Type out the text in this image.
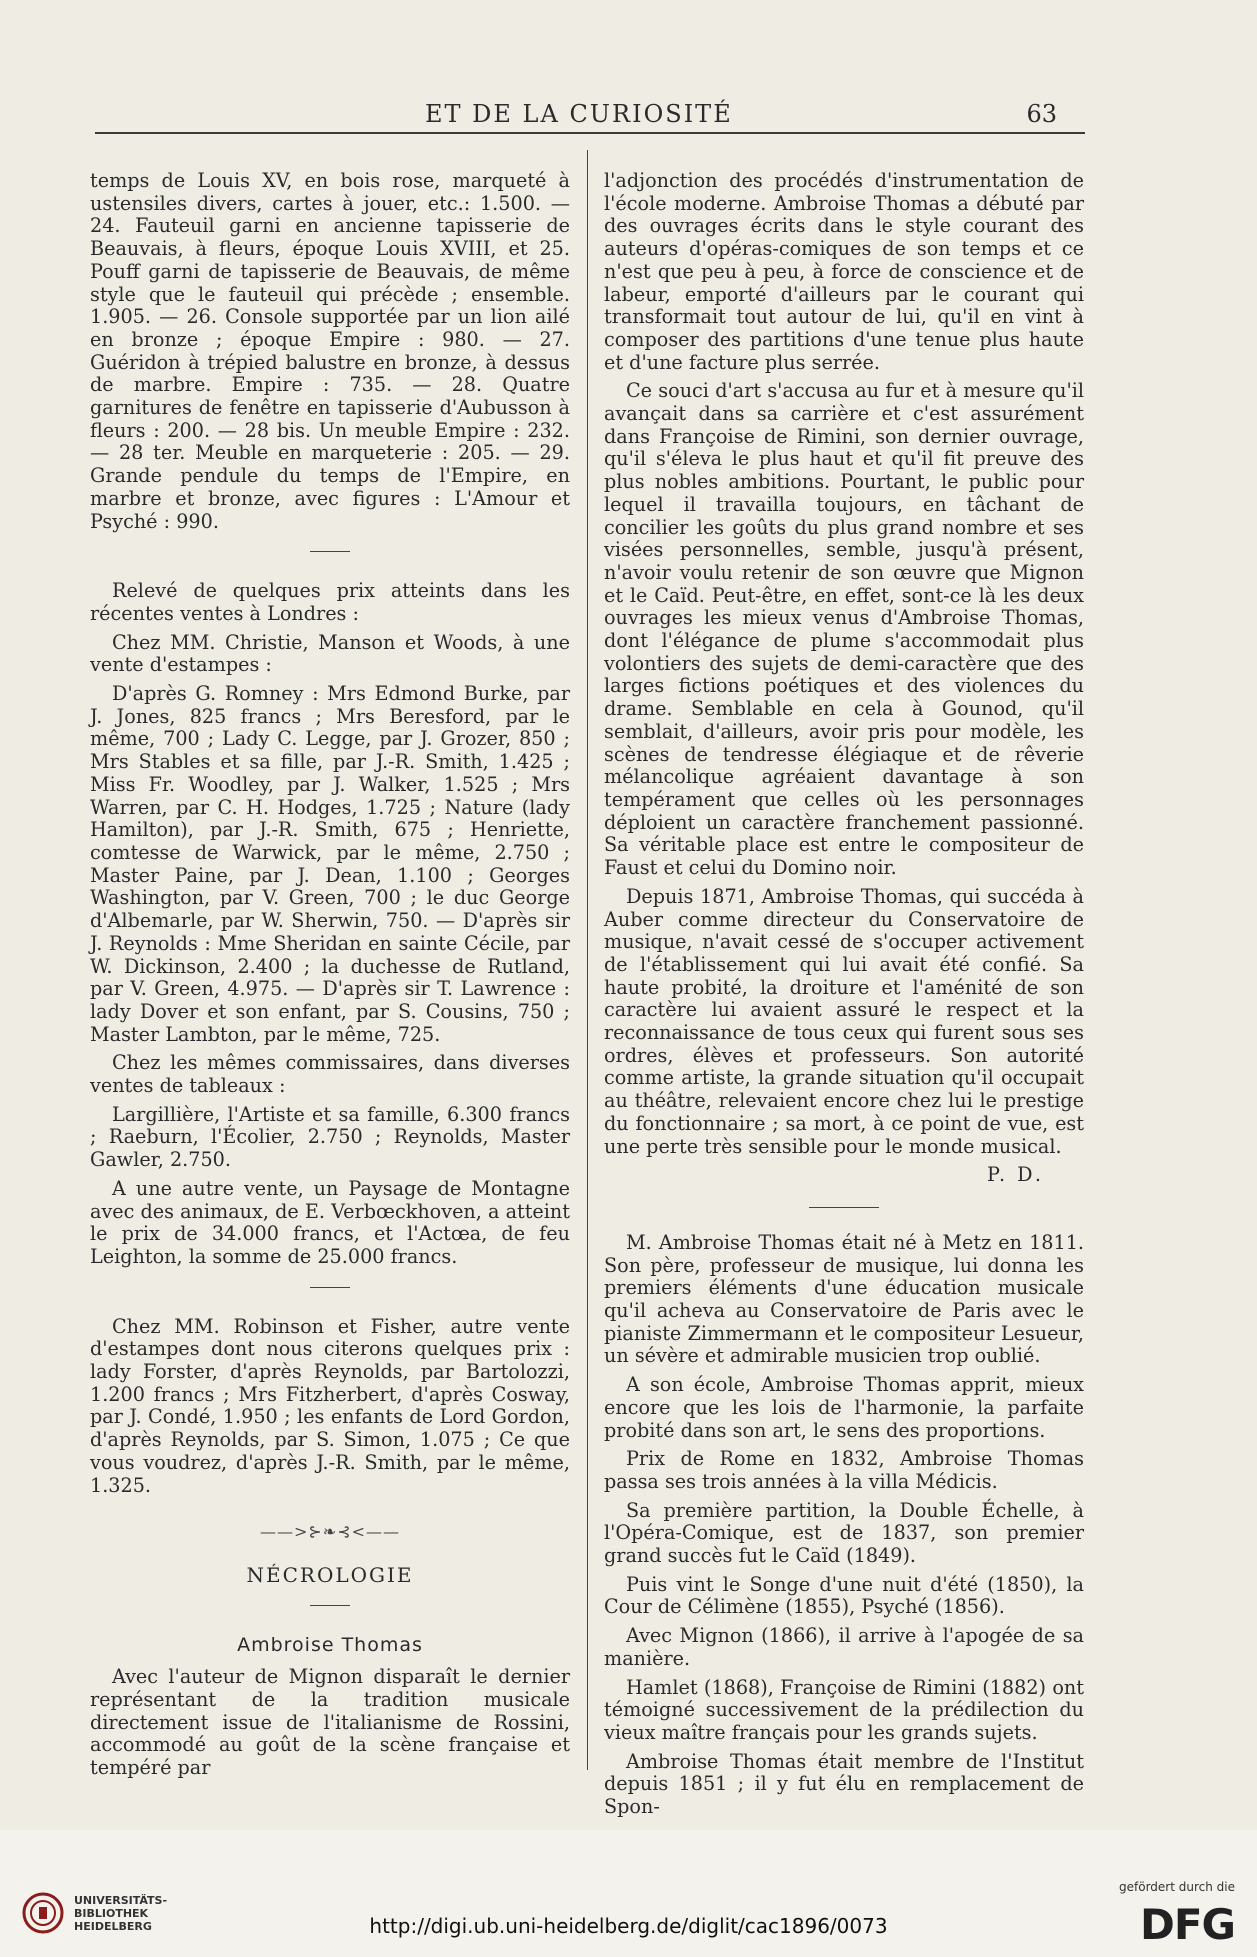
ET DE LA CURIOSITÉ	63

temps de Louis XV, en bois rose, marqueté à ustensiles divers, cartes à jouer, etc.: 1.500. — 24. Fauteuil garni en ancienne tapisserie de Beauvais, à fleurs, époque Louis XVIII, et 25. Pouff garni de tapisserie de Beauvais, de même style que le fauteuil qui précède ; ensemble. 1.905. — 26. Console supportée par un lion ailé en bronze ; époque Empire : 980. — 27. Guéridon à trépied balustre en bronze, à dessus de marbre. Empire : 735. — 28. Quatre garnitures de fenêtre en tapisserie d'Aubusson à fleurs : 200. — 28 bis. Un meuble Empire : 232. — 28 ter. Meuble en marqueterie : 205. — 29. Grande pendule du temps de l'Empire, en marbre et bronze, avec figures : L'Amour et Psyché : 990.

Relevé de quelques prix atteints dans les récentes ventes à Londres :

Chez MM. Christie, Manson et Woods, à une vente d'estampes :

D'après G. Romney : Mrs Edmond Burke, par J. Jones, 825 francs ; Mrs Beresford, par le même, 700 ; Lady C. Legge, par J. Grozer, 850 ; Mrs Stables et sa fille, par J.-R. Smith, 1.425 ; Miss Fr. Woodley, par J. Walker, 1.525 ; Mrs Warren, par C. H. Hodges, 1.725 ; Nature (lady Hamilton), par J.-R. Smith, 675 ; Henriette, comtesse de Warwick, par le même, 2.750 ; Master Paine, par J. Dean, 1.100 ; Georges Washington, par V. Green, 700 ; le duc George d'Albemarle, par W. Sherwin, 750. — D'après sir J. Reynolds : Mme Sheridan en sainte Cécile, par W. Dickinson, 2.400 ; la duchesse de Rutland, par V. Green, 4.975. — D'après sir T. Lawrence : lady Dover et son enfant, par S. Cousins, 750 ; Master Lambton, par le même, 725.

Chez les mêmes commissaires, dans diverses ventes de tableaux :

Largillière, l'Artiste et sa famille, 6.300 francs ; Raeburn, l'Écolier, 2.750 ; Reynolds, Master Gawler, 2.750.

A une autre vente, un Paysage de Montagne avec des animaux, de E. Verbœckhoven, a atteint le prix de 34.000 francs, et l'Actœa, de feu Leighton, la somme de 25.000 francs.

Chez MM. Robinson et Fisher, autre vente d'estampes dont nous citerons quelques prix : lady Forster, d'après Reynolds, par Bartolozzi, 1.200 francs ; Mrs Fitzherbert, d'après Cosway, par J. Condé, 1.950 ; les enfants de Lord Gordon, d'après Reynolds, par S. Simon, 1.075 ; Ce que vous voudrez, d'après J.-R. Smith, par le même, 1.325.

——>⊱❧⊰<——
NÉCROLOGIE
Ambroise Thomas

Avec l'auteur de Mignon disparaît le dernier représentant de la tradition musicale directement issue de l'italianisme de Rossini, accommodé au goût de la scène française et tempéré par

l'adjonction des procédés d'instrumentation de l'école moderne. Ambroise Thomas a débuté par des ouvrages écrits dans le style courant des auteurs d'opéras-comiques de son temps et ce n'est que peu à peu, à force de conscience et de labeur, emporté d'ailleurs par le courant qui transformait tout autour de lui, qu'il en vint à composer des partitions d'une tenue plus haute et d'une facture plus serrée.

Ce souci d'art s'accusa au fur et à mesure qu'il avançait dans sa carrière et c'est assurément dans Françoise de Rimini, son dernier ouvrage, qu'il s'éleva le plus haut et qu'il fit preuve des plus nobles ambitions. Pourtant, le public pour lequel il travailla toujours, en tâchant de concilier les goûts du plus grand nombre et ses visées personnelles, semble, jusqu'à présent, n'avoir voulu retenir de son œuvre que Mignon et le Caïd. Peut-être, en effet, sont-ce là les deux ouvrages les mieux venus d'Ambroise Thomas, dont l'élégance de plume s'accommodait plus volontiers des sujets de demi-caractère que des larges fictions poétiques et des violences du drame. Semblable en cela à Gounod, qu'il semblait, d'ailleurs, avoir pris pour modèle, les scènes de tendresse élégiaque et de rêverie mélancolique agréaient davantage à son tempérament que celles où les personnages déploient un caractère franchement passionné. Sa véritable place est entre le compositeur de Faust et celui du Domino noir.

Depuis 1871, Ambroise Thomas, qui succéda à Auber comme directeur du Conservatoire de musique, n'avait cessé de s'occuper activement de l'établissement qui lui avait été confié. Sa haute probité, la droiture et l'aménité de son caractère lui avaient assuré le respect et la reconnaissance de tous ceux qui furent sous ses ordres, élèves et professeurs. Son autorité comme artiste, la grande situation qu'il occupait au théâtre, relevaient encore chez lui le prestige du fonctionnaire ; sa mort, à ce point de vue, est une perte très sensible pour le monde musical.

P. D.

M. Ambroise Thomas était né à Metz en 1811. Son père, professeur de musique, lui donna les premiers éléments d'une éducation musicale qu'il acheva au Conservatoire de Paris avec le pianiste Zimmermann et le compositeur Lesueur, un sévère et admirable musicien trop oublié.

A son école, Ambroise Thomas apprit, mieux encore que les lois de l'harmonie, la parfaite probité dans son art, le sens des proportions.

Prix de Rome en 1832, Ambroise Thomas passa ses trois années à la villa Médicis.

Sa première partition, la Double Échelle, à l'Opéra-Comique, est de 1837, son premier grand succès fut le Caïd (1849).

Puis vint le Songe d'une nuit d'été (1850), la Cour de Célimène (1855), Psyché (1856).

Avec Mignon (1866), il arrive à l'apogée de sa manière.

Hamlet (1868), Françoise de Rimini (1882) ont témoigné successivement de la prédilection du vieux maître français pour les grands sujets.

Ambroise Thomas était membre de l'Institut depuis 1851 ; il y fut élu en remplacement de Spon-

UNIVERSITÄTS-
BIBLIOTHEK
HEIDELBERG	http://digi.ub.uni-heidelberg.de/diglit/cac1896/0073
gefördert durch die
DFG
